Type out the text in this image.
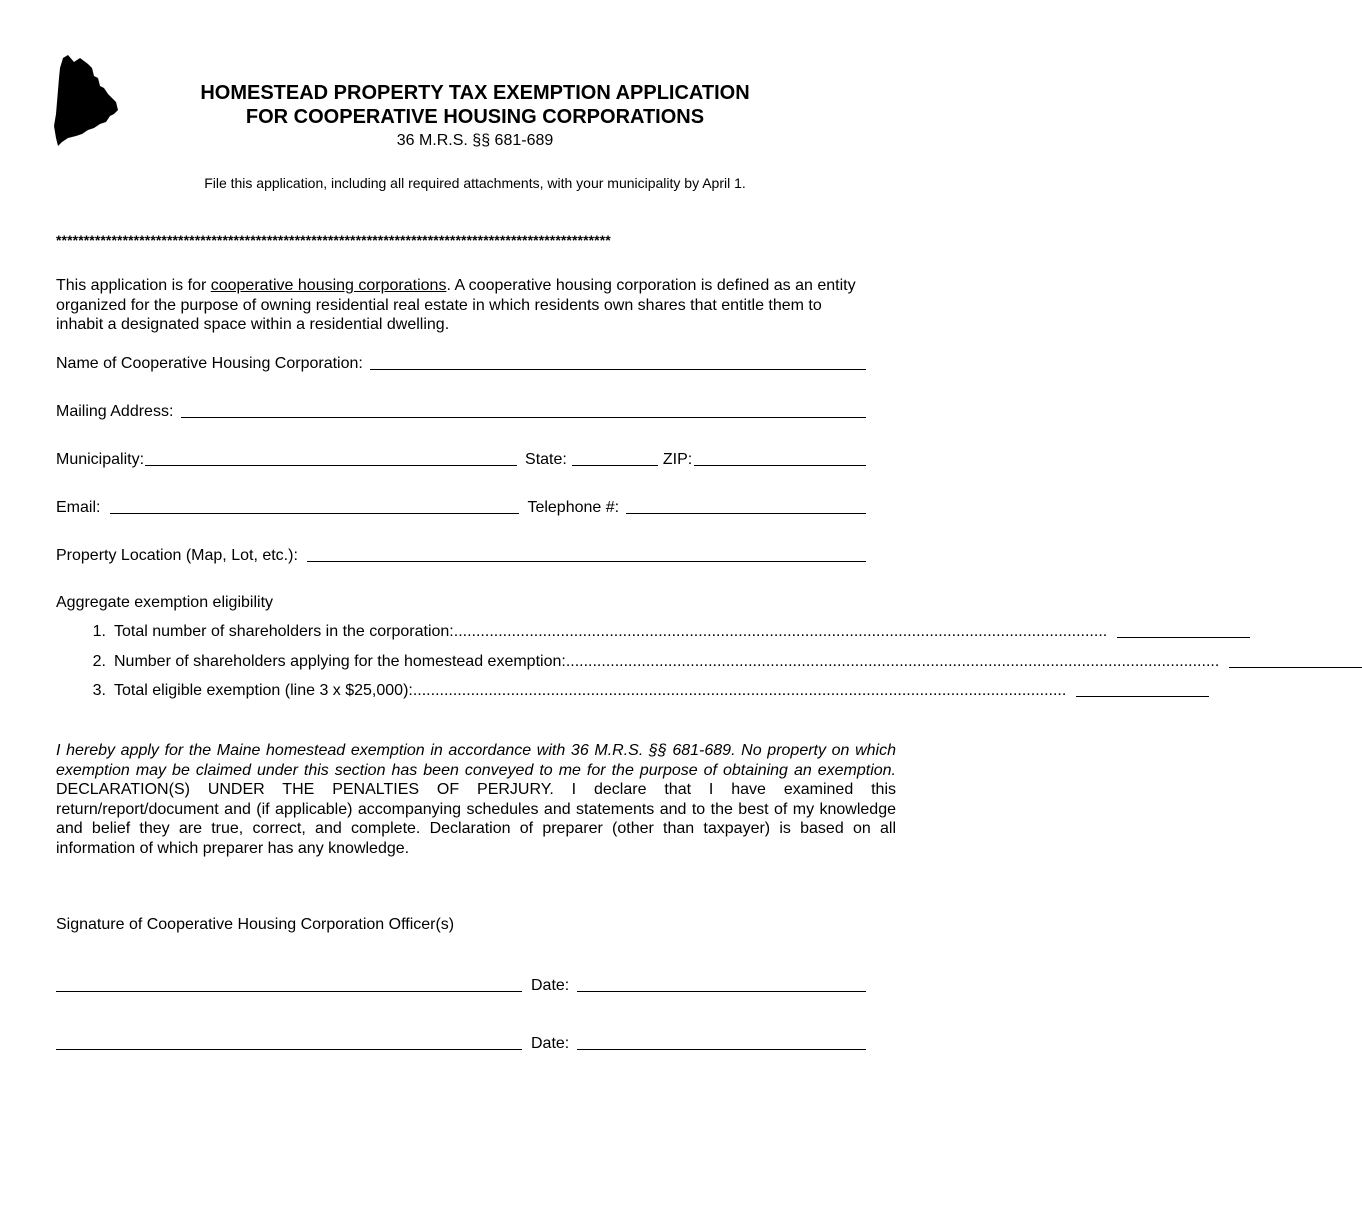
HOMESTEAD PROPERTY TAX EXEMPTION APPLICATION
FOR COOPERATIVE HOUSING CORPORATIONS
36 M.R.S. §§ 681-689
File this application, including all required attachments, with your municipality by April 1.
****************************************************************************************************
This application is for cooperative housing corporations. A cooperative housing corporation is defined as an entity organized for the purpose of owning residential real estate in which residents own shares that entitle them to inhabit a designated space within a residential dwelling.
Name of Cooperative Housing Corporation:
Mailing Address:
Municipality:	State:	ZIP:
Email:	Telephone #:
Property Location (Map, Lot, etc.):
Aggregate exemption eligibility
1. Total number of shareholders in the corporation: ...................................................................................................................................................
2. Number of shareholders applying for the homestead exemption: ...................................................................................................................................................
3. Total eligible exemption (line 3 x $25,000): ...................................................................................................................................................
I hereby apply for the Maine homestead exemption in accordance with 36 M.R.S. §§ 681-689. No property on which exemption may be claimed under this section has been conveyed to me for the purpose of obtaining an exemption. DECLARATION(S) UNDER THE PENALTIES OF PERJURY. I declare that I have examined this return/report/document and (if applicable) accompanying schedules and statements and to the best of my knowledge and belief they are true, correct, and complete. Declaration of preparer (other than taxpayer) is based on all information of which preparer has any knowledge.
Signature of Cooperative Housing Corporation Officer(s)
Date:
Date:
